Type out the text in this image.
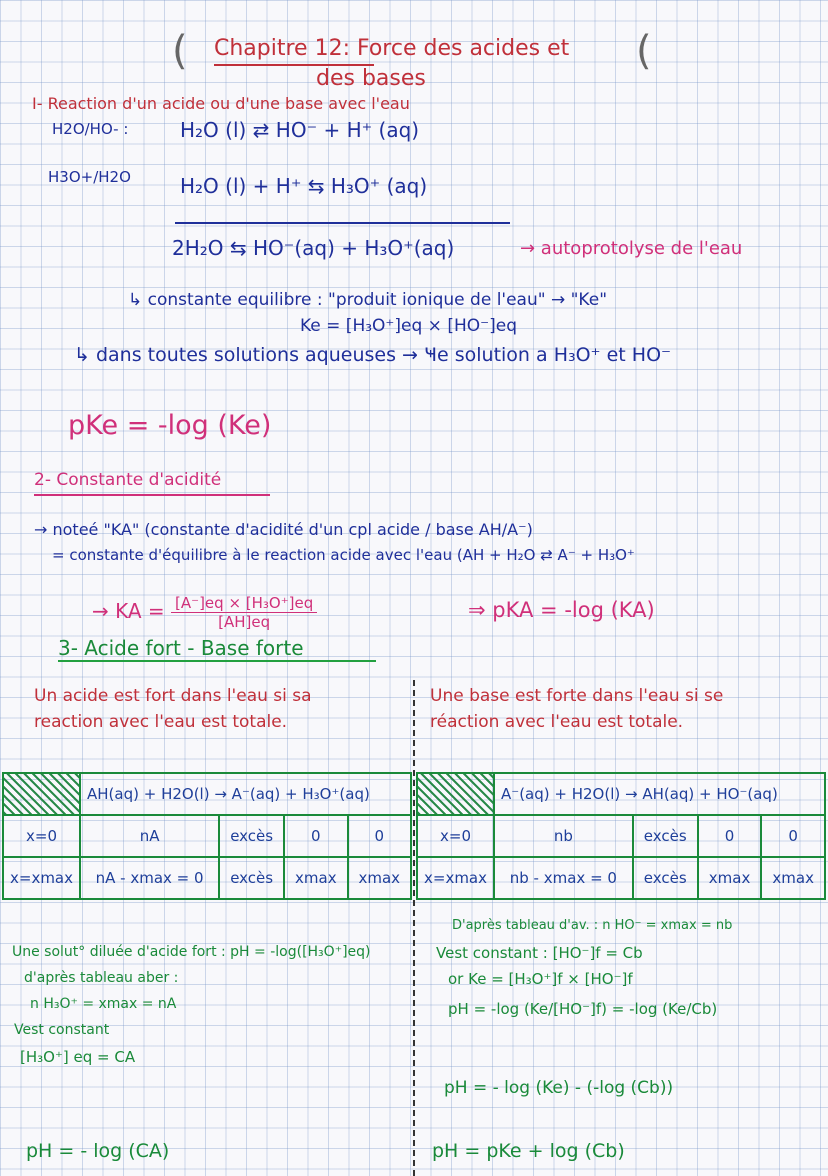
(	(
Chapitre 12: Force des acides et
des bases
I- Reaction d'un acide ou d'une base avec l'eau
H2O/HO- :
H3O+/H2O
H₂O (l) ⇄ HO⁻ + H⁺ (aq)
H₂O (l) + H⁺ ⇆ H₃O⁺ (aq)
2H₂O ⇆ HO⁻(aq) + H₃O⁺(aq)	→ autoprotolyse de l'eau
↳ constante equilibre : "produit ionique de l'eau" → "Ke"
Ke = [H₃O⁺]eq × [HO⁻]eq
↳ dans toutes solutions aqueuses → Ҹe solution a H₃O⁺ et HO⁻
pKe = -log (Ke)
2- Constante d'acidité
→ noteé "KA" (constante d'acidité d'un cpl acide / base AH/A⁻)
= constante d'équilibre à le reaction acide avec l'eau (AH + H₂O ⇄ A⁻ + H₃O⁺
→ KA = $\frac{\text{[A⁻]eq × [H₃O⁺]eq}}{[AH]eq}$	⇒ pKA = -log (KA)
3- Acide fort - Base forte
Un acide est fort dans l'eau si sa
reaction avec l'eau est totale.
	AH(aq) + H2O(l) → A⁻(aq) + H₃O⁺(aq)			
x=0	nA	excès	0	0
x=xmax	nA - xmax = 0	excès	xmax	xmax
Une solut° diluée d'acide fort : pH = -log([H₃O⁺]eq)
d'après tableau aber :
n H₃O⁺ = xmax = nA
Vest constant
[H₃O⁺] eq = CA
pH = - log (CA)
Une base est forte dans l'eau si se
réaction avec l'eau est totale.
	A⁻(aq) + H2O(l) → AH(aq) + HO⁻(aq)			
x=0	nb	excès	0	0
x=xmax	nb - xmax = 0	excès	xmax	xmax
D'après tableau d'av. : n HO⁻ = xmax = nb
Vest constant : [HO⁻]f = Cb
or Ke = [H₃O⁺]f × [HO⁻]f
pH = -log (Ke/[HO⁻]f) = -log (Ke/Cb)
pH = - log (Ke) - (-log (Cb))
pH = pKe + log (Cb)
